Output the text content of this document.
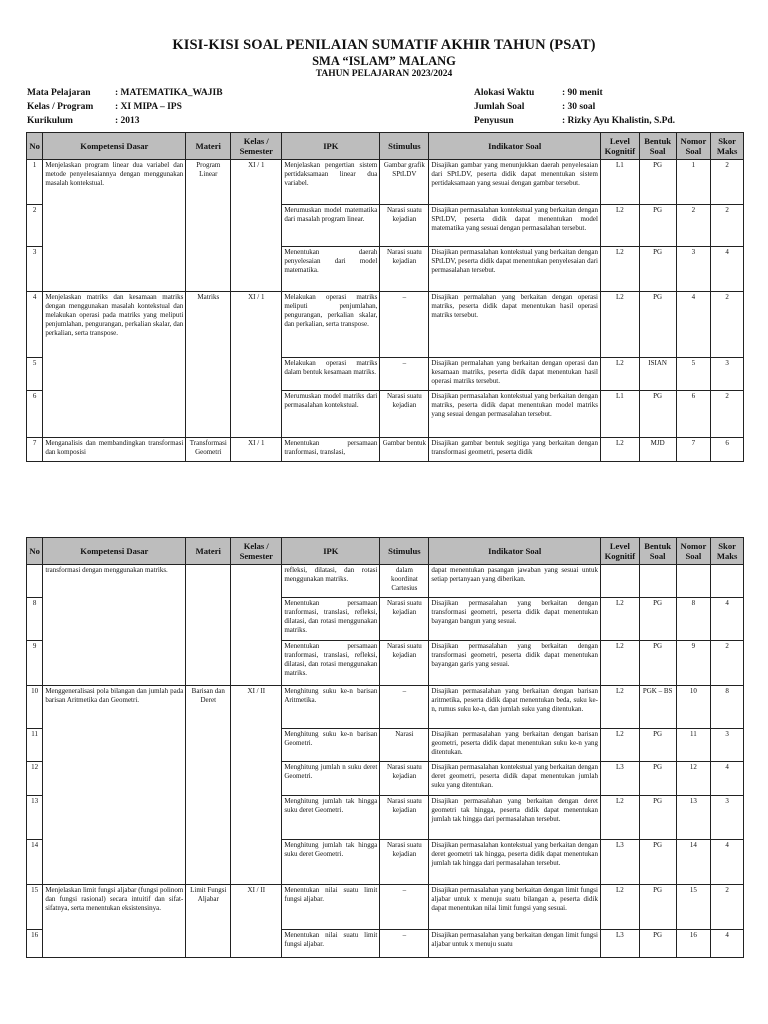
KISI-KISI SOAL PENILAIAN SUMATIF AKHIR TAHUN (PSAT)
SMA “ISLAM” MALANG
TAHUN PELAJARAN 2023/2024
Mata Pelajaran	: MATEMATIKA_WAJIB
Kelas / Program : XI MIPA – IPS
Kurikulum	: 2013
Alokasi Waktu	: 90 menit
Jumlah Soal	: 30 soal
Penyusun	: Rizky Ayu Khalistin, S.Pd.
No	Kompetensi Dasar	Materi	Kelas / Semester	IPK	Stimulus	Indikator Soal	Level Kognitif	Bentuk Soal	Nomor Soal	Skor Maks
1	Menjelaskan program linear dua variabel dan metode penyelesaiannya dengan menggunakan masalah kontekstual.	Program Linear	XI / 1	Menjelaskan pengertian sistem pertidaksamaan linear dua variabel.	Gambar grafik SPtLDV	Disajikan gambar yang menunjukkan daerah penyelesaian dari SPtLDV, peserta didik dapat menentukan sistem pertidaksamaan yang sesuai dengan gambar tersebut.	L1	PG	1	2
2				Merumuskan model matematika dari masalah program linear.	Narasi suatu kejadian	Disajikan permasalahan kontekstual yang berkaitan dengan SPtLDV, peserta didik dapat menentukan model matematika yang sesuai dengan permasalahan tersebut.	L2	PG	2	2
3				Menentukan daerah penyelesaian dari model matematika.	Narasi suatu kejadian	Disajikan permasalahan kontekstual yang berkaitan dengan SPtLDV, peserta didik dapat menentukan penyelesaian dari permasalahan tersebut.	L2	PG	3	4
4	Menjelaskan matriks dan kesamaan matriks dengan menggunakan masalah kontekstual dan melakukan operasi pada matriks yang meliputi penjumlahan, pengurangan, perkalian skalar, dan perkalian, serta transpose.	Matriks	XI / 1	Melakukan operasi matriks meliputi penjumlahan, pengurangan, perkalian skalar, dan perkalian, serta transpose.	–	Disajikan permalahan yang berkaitan dengan operasi matriks, peserta didik dapat menentukan hasil operasi matriks tersebut.	L2	PG	4	2
5				Melakukan operasi matriks dalam bentuk kesamaan matriks.	–	Disajikan permalahan yang berkaitan dengan operasi dan kesamaan matriks, peserta didik dapat menentukan hasil operasi matriks tersebut.	L2	ISIAN	5	3
6				Merumuskan model matriks dari permasalahan kontekstual.	Narasi suatu kejadian	Disajikan permasalahan kontekstual yang berkaitan dengan matriks, peserta didik dapat menentukan model matriks yang sesuai dengan permasalahan tersebut.	L1	PG	6	2
7	Menganalisis dan membandingkan transformasi dan komposisi	Transformasi Geometri	XI / 1	Menentukan persamaan tranformasi, translasi,	Gambar bentuk	Disajikan gambar bentuk segitiga yang berkaitan dengan transformasi geometri, peserta didik	L2	MJD	7	6
No	Kompetensi Dasar	Materi	Kelas / Semester	IPK	Stimulus	Indikator Soal	Level Kognitif	Bentuk Soal	Nomor Soal	Skor Maks
	transformasi dengan menggunakan matriks.			refleksi, dilatasi, dan rotasi menggunakan matriks.	dalam koordinat Cartesius	dapat menentukan pasangan jawaban yang sesuai untuk setiap pertanyaan yang diberikan.				
8				Menentukan persamaan tranformasi, translasi, refleksi, dilatasi, dan rotasi menggunakan matriks.	Narasi suatu kejadian	Disajikan permasalahan yang berkaitan dengan transformasi geometri, peserta didik dapat menentukan bayangan bangun yang sesuai.	L2	PG	8	4
9				Menentukan persamaan tranformasi, translasi, refleksi, dilatasi, dan rotasi menggunakan matriks.	Narasi suatu kejadian	Disajikan permasalahan yang berkaitan dengan transformasi geometri, peserta didik dapat menentukan bayangan garis yang sesuai.	L2	PG	9	2
10	Menggeneralisasi pola bilangan dan jumlah pada barisan Aritmetika dan Geometri.	Barisan dan Deret	XI / II	Menghitung suku ke-n barisan Aritmetika.	–	Disajikan permasalahan yang berkaitan dengan barisan aritmetika, peserta didik dapat menentukan beda, suku ke-n, rumus suku ke-n, dan jumlah suku yang ditentukan.	L2	PGK – BS	10	8
11				Menghitung suku ke-n barisan Geometri.	Narasi	Disajikan permasalahan yang berkaitan dengan barisan geometri, peserta didik dapat menentukan suku ke-n yang ditentukan.	L2	PG	11	3
12				Menghitung jumlah n suku deret Geometri.	Narasi suatu kejadian	Disajikan permasalahan kontekstual yang berkaitan dengan deret geometri, peserta didik dapat menentukan jumlah suku yang ditentukan.	L3	PG	12	4
13				Menghitung jumlah tak hingga suku deret Geometri.	Narasi suatu kejadian	Disajikan permasalahan yang berkaitan dengan deret geometri tak hingga, peserta didik dapat menentukan jumlah tak hingga dari permasalahan tersebut.	L2	PG	13	3
14				Menghitung jumlah tak hingga suku deret Geometri.	Narasi suatu kejadian	Disajikan permasalahan kontekstual yang berkaitan dengan deret geometri tak hingga, peserta didik dapat menentukan jumlah tak hingga dari permasalahan tersebut.	L3	PG	14	4
15	Menjelaskan limit fungsi aljabar (fungsi polinom dan fungsi rasional) secara intuitif dan sifat-sifatnya, serta menentukan eksistensinya.	Limit Fungsi Aljabar	XI / II	Menentukan nilai suatu limit fungsi aljabar.	–	Disajikan permasalahan yang berkaitan dengan limit fungsi aljabar untuk x menuju suatu bilangan a, peserta didik dapat menentukan nilai limit fungsi yang sesuai.	L2	PG	15	2
16				Menentukan nilai suatu limit fungsi aljabar.	–	Disajikan permasalahan yang berkaitan dengan limit fungsi aljabar untuk x menuju suatu	L3	PG	16	4
